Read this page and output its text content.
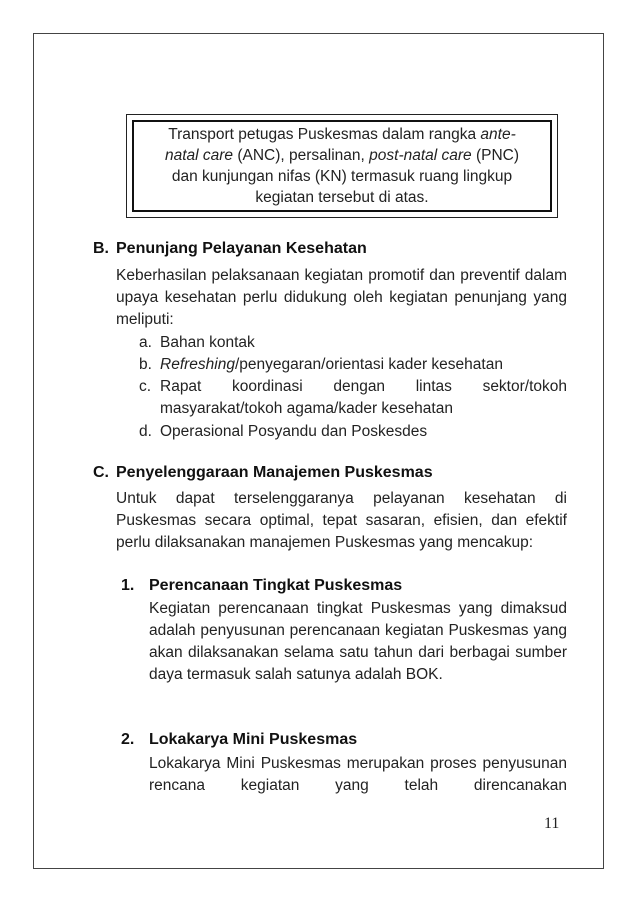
Transport petugas Puskesmas dalam rangka ante-
natal care (ANC), persalinan, post-natal care (PNC)
dan kunjungan nifas (KN) termasuk ruang lingkup
kegiatan tersebut di atas.
B. Penunjang Pelayanan Kesehatan
Keberhasilan pelaksanaan kegiatan promotif dan preventif dalam upaya kesehatan perlu didukung oleh kegiatan penunjang yang meliputi:
a. Bahan kontak
b. Refreshing/penyegaran/orientasi kader kesehatan
c. Rapat koordinasi dengan lintas sektor/tokoh masyarakat/tokoh agama/kader kesehatan
d. Operasional Posyandu dan Poskesdes
C. Penyelenggaraan Manajemen Puskesmas
Untuk dapat terselenggaranya pelayanan kesehatan di Puskesmas secara optimal, tepat sasaran, efisien, dan efektif perlu dilaksanakan manajemen Puskesmas yang mencakup:
1. Perencanaan Tingkat Puskesmas
Kegiatan perencanaan tingkat Puskesmas yang dimaksud adalah penyusunan perencanaan kegiatan Puskesmas yang akan dilaksanakan selama satu tahun dari berbagai sumber daya termasuk salah satunya adalah BOK.
2. Lokakarya Mini Puskesmas
Lokakarya Mini Puskesmas merupakan proses penyusunan rencana kegiatan yang telah direncanakan
11
